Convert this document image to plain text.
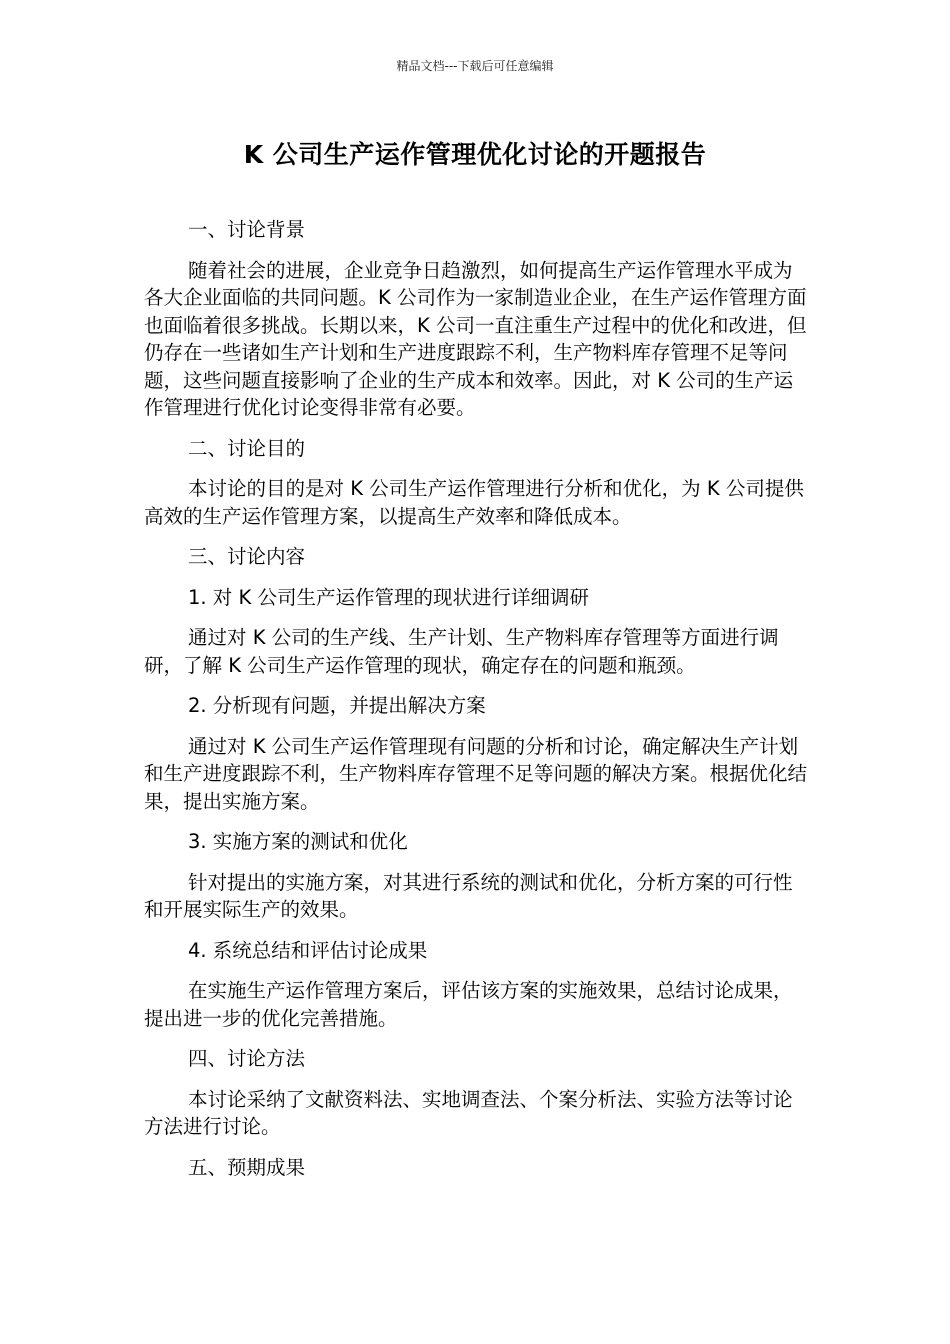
精品文档---下载后可任意编辑
K 公司生产运作管理优化讨论的开题报告

一、讨论背景

随着社会的进展，企业竞争日趋激烈，如何提高生产运作管理水平成为各大企业面临的共同问题。K 公司作为一家制造业企业，在生产运作管理方面也面临着很多挑战。长期以来，K 公司一直注重生产过程中的优化和改进，但仍存在一些诸如生产计划和生产进度跟踪不利，生产物料库存管理不足等问题，这些问题直接影响了企业的生产成本和效率。因此，对 K 公司的生产运作管理进行优化讨论变得非常有必要。

二、讨论目的

本讨论的目的是对 K 公司生产运作管理进行分析和优化，为 K 公司提供高效的生产运作管理方案，以提高生产效率和降低成本。

三、讨论内容

1. 对 K 公司生产运作管理的现状进行详细调研

通过对 K 公司的生产线、生产计划、生产物料库存管理等方面进行调研，了解 K 公司生产运作管理的现状，确定存在的问题和瓶颈。

2. 分析现有问题，并提出解决方案

通过对 K 公司生产运作管理现有问题的分析和讨论，确定解决生产计划和生产进度跟踪不利，生产物料库存管理不足等问题的解决方案。根据优化结果，提出实施方案。

3. 实施方案的测试和优化

针对提出的实施方案，对其进行系统的测试和优化，分析方案的可行性和开展实际生产的效果。

4. 系统总结和评估讨论成果

在实施生产运作管理方案后，评估该方案的实施效果，总结讨论成果，提出进一步的优化完善措施。

四、讨论方法

本讨论采纳了文献资料法、实地调查法、个案分析法、实验方法等讨论方法进行讨论。

五、预期成果
